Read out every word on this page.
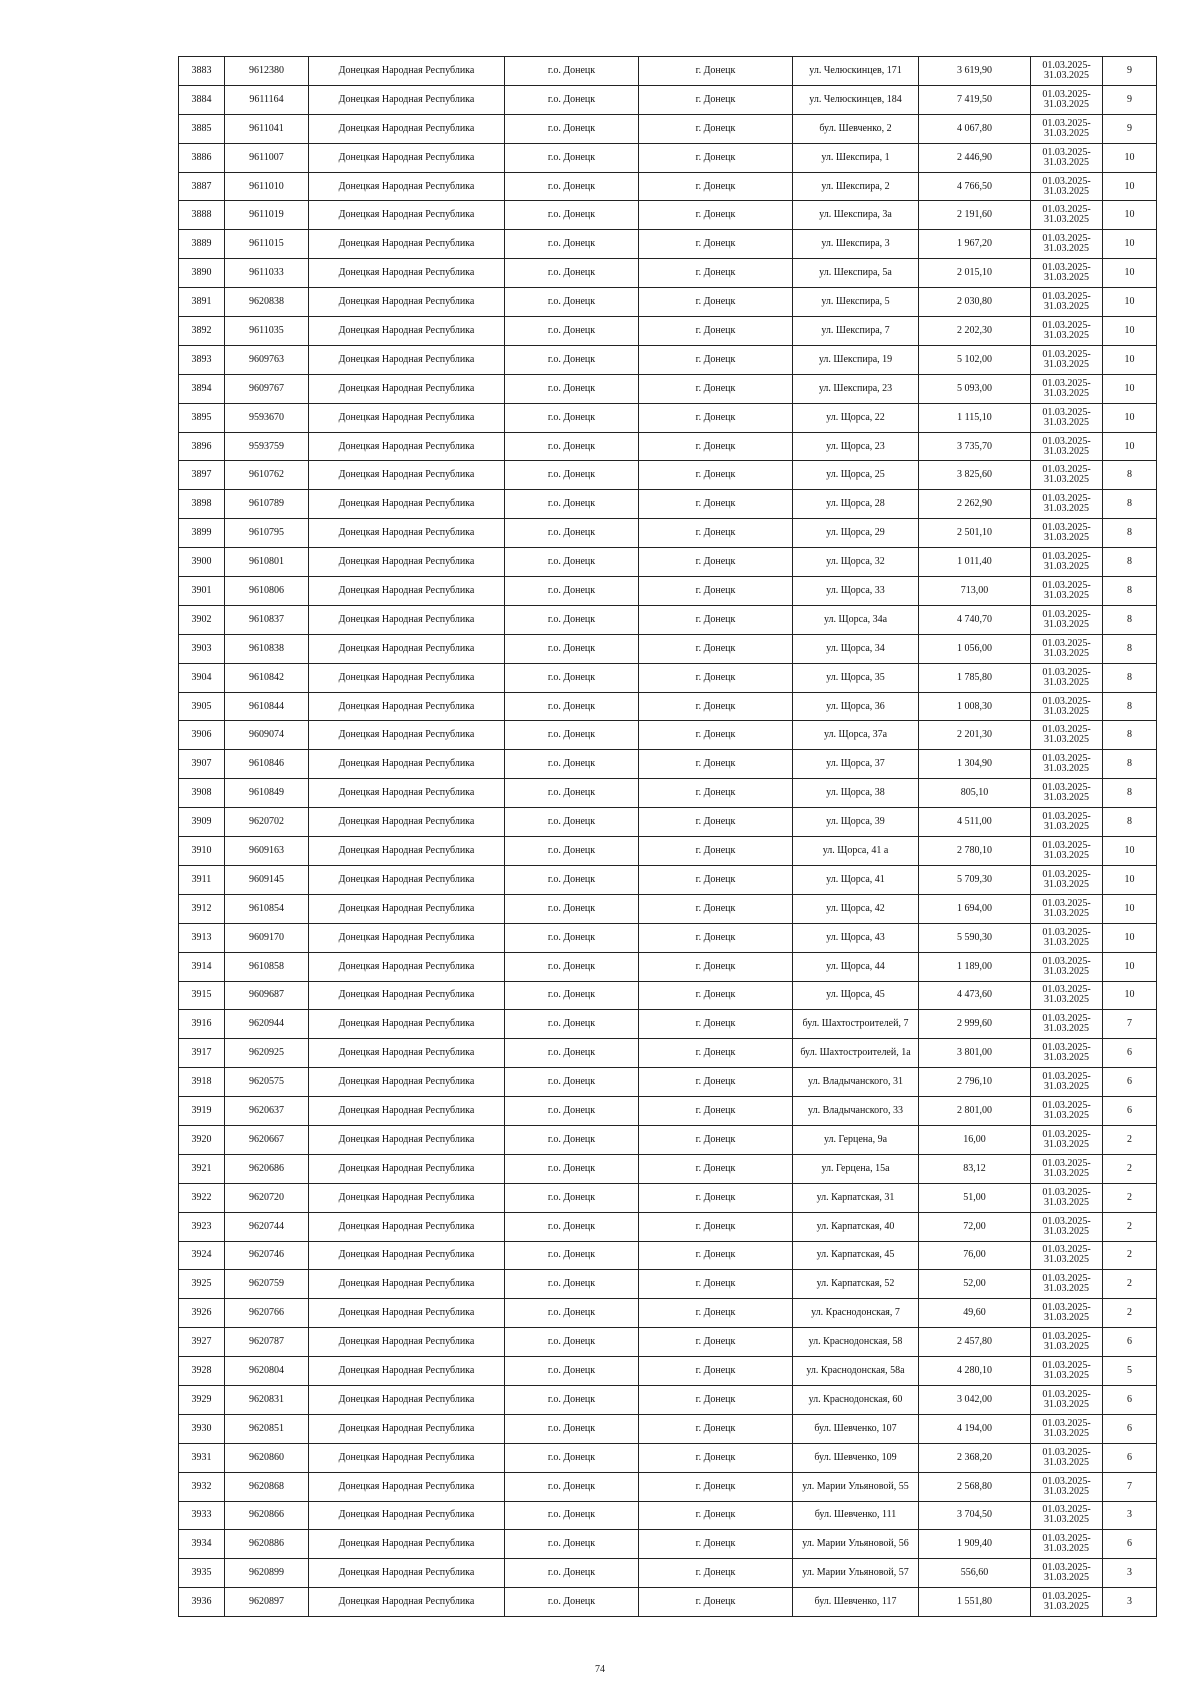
3883	9612380	Донецкая Народная Республика	г.о. Донецк	г. Донецк	ул. Челюскинцев, 171	3 619,90	01.03.2025-31.03.2025	9
3884	9611164	Донецкая Народная Республика	г.о. Донецк	г. Донецк	ул. Челюскинцев, 184	7 419,50	01.03.2025-31.03.2025	9
3885	9611041	Донецкая Народная Республика	г.о. Донецк	г. Донецк	бул. Шевченко, 2	4 067,80	01.03.2025-31.03.2025	9
3886	9611007	Донецкая Народная Республика	г.о. Донецк	г. Донецк	ул. Шекспира, 1	2 446,90	01.03.2025-31.03.2025	10
3887	9611010	Донецкая Народная Республика	г.о. Донецк	г. Донецк	ул. Шекспира, 2	4 766,50	01.03.2025-31.03.2025	10
3888	9611019	Донецкая Народная Республика	г.о. Донецк	г. Донецк	ул. Шекспира, 3а	2 191,60	01.03.2025-31.03.2025	10
3889	9611015	Донецкая Народная Республика	г.о. Донецк	г. Донецк	ул. Шекспира, 3	1 967,20	01.03.2025-31.03.2025	10
3890	9611033	Донецкая Народная Республика	г.о. Донецк	г. Донецк	ул. Шекспира, 5а	2 015,10	01.03.2025-31.03.2025	10
3891	9620838	Донецкая Народная Республика	г.о. Донецк	г. Донецк	ул. Шекспира, 5	2 030,80	01.03.2025-31.03.2025	10
3892	9611035	Донецкая Народная Республика	г.о. Донецк	г. Донецк	ул. Шекспира, 7	2 202,30	01.03.2025-31.03.2025	10
3893	9609763	Донецкая Народная Республика	г.о. Донецк	г. Донецк	ул. Шекспира, 19	5 102,00	01.03.2025-31.03.2025	10
3894	9609767	Донецкая Народная Республика	г.о. Донецк	г. Донецк	ул. Шекспира, 23	5 093,00	01.03.2025-31.03.2025	10
3895	9593670	Донецкая Народная Республика	г.о. Донецк	г. Донецк	ул. Щорса, 22	1 115,10	01.03.2025-31.03.2025	10
3896	9593759	Донецкая Народная Республика	г.о. Донецк	г. Донецк	ул. Щорса, 23	3 735,70	01.03.2025-31.03.2025	10
3897	9610762	Донецкая Народная Республика	г.о. Донецк	г. Донецк	ул. Щорса, 25	3 825,60	01.03.2025-31.03.2025	8
3898	9610789	Донецкая Народная Республика	г.о. Донецк	г. Донецк	ул. Щорса, 28	2 262,90	01.03.2025-31.03.2025	8
3899	9610795	Донецкая Народная Республика	г.о. Донецк	г. Донецк	ул. Щорса, 29	2 501,10	01.03.2025-31.03.2025	8
3900	9610801	Донецкая Народная Республика	г.о. Донецк	г. Донецк	ул. Щорса, 32	1 011,40	01.03.2025-31.03.2025	8
3901	9610806	Донецкая Народная Республика	г.о. Донецк	г. Донецк	ул. Щорса, 33	713,00	01.03.2025-31.03.2025	8
3902	9610837	Донецкая Народная Республика	г.о. Донецк	г. Донецк	ул. Щорса, 34а	4 740,70	01.03.2025-31.03.2025	8
3903	9610838	Донецкая Народная Республика	г.о. Донецк	г. Донецк	ул. Щорса, 34	1 056,00	01.03.2025-31.03.2025	8
3904	9610842	Донецкая Народная Республика	г.о. Донецк	г. Донецк	ул. Щорса, 35	1 785,80	01.03.2025-31.03.2025	8
3905	9610844	Донецкая Народная Республика	г.о. Донецк	г. Донецк	ул. Щорса, 36	1 008,30	01.03.2025-31.03.2025	8
3906	9609074	Донецкая Народная Республика	г.о. Донецк	г. Донецк	ул. Щорса, 37а	2 201,30	01.03.2025-31.03.2025	8
3907	9610846	Донецкая Народная Республика	г.о. Донецк	г. Донецк	ул. Щорса, 37	1 304,90	01.03.2025-31.03.2025	8
3908	9610849	Донецкая Народная Республика	г.о. Донецк	г. Донецк	ул. Щорса, 38	805,10	01.03.2025-31.03.2025	8
3909	9620702	Донецкая Народная Республика	г.о. Донецк	г. Донецк	ул. Щорса, 39	4 511,00	01.03.2025-31.03.2025	8
3910	9609163	Донецкая Народная Республика	г.о. Донецк	г. Донецк	ул. Щорса, 41 а	2 780,10	01.03.2025-31.03.2025	10
3911	9609145	Донецкая Народная Республика	г.о. Донецк	г. Донецк	ул. Щорса, 41	5 709,30	01.03.2025-31.03.2025	10
3912	9610854	Донецкая Народная Республика	г.о. Донецк	г. Донецк	ул. Щорса, 42	1 694,00	01.03.2025-31.03.2025	10
3913	9609170	Донецкая Народная Республика	г.о. Донецк	г. Донецк	ул. Щорса, 43	5 590,30	01.03.2025-31.03.2025	10
3914	9610858	Донецкая Народная Республика	г.о. Донецк	г. Донецк	ул. Щорса, 44	1 189,00	01.03.2025-31.03.2025	10
3915	9609687	Донецкая Народная Республика	г.о. Донецк	г. Донецк	ул. Щорса, 45	4 473,60	01.03.2025-31.03.2025	10
3916	9620944	Донецкая Народная Республика	г.о. Донецк	г. Донецк	бул. Шахтостроителей, 7	2 999,60	01.03.2025-31.03.2025	7
3917	9620925	Донецкая Народная Республика	г.о. Донецк	г. Донецк	бул. Шахтостроителей, 1а	3 801,00	01.03.2025-31.03.2025	6
3918	9620575	Донецкая Народная Республика	г.о. Донецк	г. Донецк	ул. Владычанского, 31	2 796,10	01.03.2025-31.03.2025	6
3919	9620637	Донецкая Народная Республика	г.о. Донецк	г. Донецк	ул. Владычанского, 33	2 801,00	01.03.2025-31.03.2025	6
3920	9620667	Донецкая Народная Республика	г.о. Донецк	г. Донецк	ул. Герцена, 9а	16,00	01.03.2025-31.03.2025	2
3921	9620686	Донецкая Народная Республика	г.о. Донецк	г. Донецк	ул. Герцена, 15а	83,12	01.03.2025-31.03.2025	2
3922	9620720	Донецкая Народная Республика	г.о. Донецк	г. Донецк	ул. Карпатская, 31	51,00	01.03.2025-31.03.2025	2
3923	9620744	Донецкая Народная Республика	г.о. Донецк	г. Донецк	ул. Карпатская, 40	72,00	01.03.2025-31.03.2025	2
3924	9620746	Донецкая Народная Республика	г.о. Донецк	г. Донецк	ул. Карпатская, 45	76,00	01.03.2025-31.03.2025	2
3925	9620759	Донецкая Народная Республика	г.о. Донецк	г. Донецк	ул. Карпатская, 52	52,00	01.03.2025-31.03.2025	2
3926	9620766	Донецкая Народная Республика	г.о. Донецк	г. Донецк	ул. Краснодонская, 7	49,60	01.03.2025-31.03.2025	2
3927	9620787	Донецкая Народная Республика	г.о. Донецк	г. Донецк	ул. Краснодонская, 58	2 457,80	01.03.2025-31.03.2025	6
3928	9620804	Донецкая Народная Республика	г.о. Донецк	г. Донецк	ул. Краснодонская, 58а	4 280,10	01.03.2025-31.03.2025	5
3929	9620831	Донецкая Народная Республика	г.о. Донецк	г. Донецк	ул. Краснодонская, 60	3 042,00	01.03.2025-31.03.2025	6
3930	9620851	Донецкая Народная Республика	г.о. Донецк	г. Донецк	бул. Шевченко, 107	4 194,00	01.03.2025-31.03.2025	6
3931	9620860	Донецкая Народная Республика	г.о. Донецк	г. Донецк	бул. Шевченко, 109	2 368,20	01.03.2025-31.03.2025	6
3932	9620868	Донецкая Народная Республика	г.о. Донецк	г. Донецк	ул. Марии Ульяновой, 55	2 568,80	01.03.2025-31.03.2025	7
3933	9620866	Донецкая Народная Республика	г.о. Донецк	г. Донецк	бул. Шевченко, 111	3 704,50	01.03.2025-31.03.2025	3
3934	9620886	Донецкая Народная Республика	г.о. Донецк	г. Донецк	ул. Марии Ульяновой, 56	1 909,40	01.03.2025-31.03.2025	6
3935	9620899	Донецкая Народная Республика	г.о. Донецк	г. Донецк	ул. Марии Ульяновой, 57	556,60	01.03.2025-31.03.2025	3
3936	9620897	Донецкая Народная Республика	г.о. Донецк	г. Донецк	бул. Шевченко, 117	1 551,80	01.03.2025-31.03.2025	3
74
